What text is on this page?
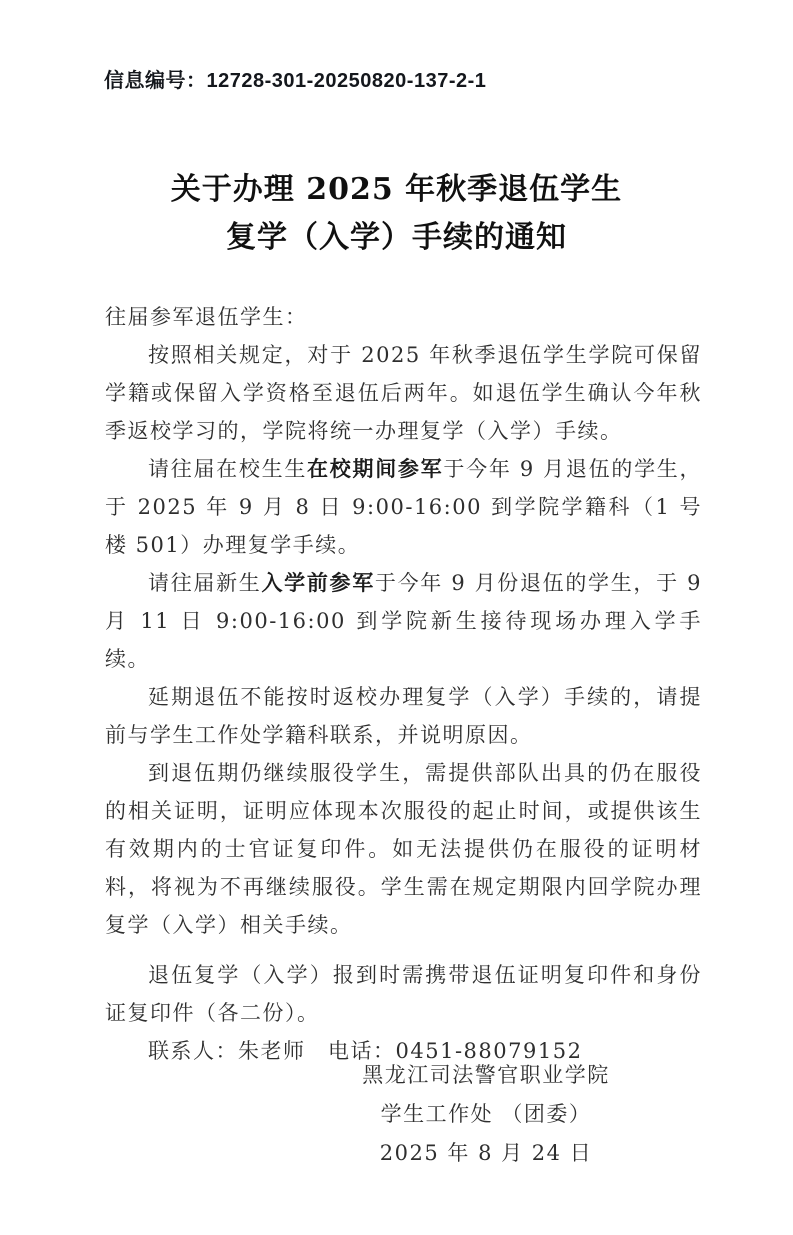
信息编号：12728-301-20250820-137-2-1
关于办理 2025 年秋季退伍学生
复学（入学）手续的通知

往届参军退伍学生：

按照相关规定，对于 2025 年秋季退伍学生学院可保留学籍或保留入学资格至退伍后两年。如退伍学生确认今年秋季返校学习的，学院将统一办理复学（入学）手续。

请往届在校生生在校期间参军于今年 9 月退伍的学生，于 2025 年 9 月 8 日 9:00-16:00 到学院学籍科（1 号楼 501）办理复学手续。

请往届新生入学前参军于今年 9 月份退伍的学生，于 9 月 11 日 9:00-16:00 到学院新生接待现场办理入学手续。

延期退伍不能按时返校办理复学（入学）手续的，请提前与学生工作处学籍科联系，并说明原因。

到退伍期仍继续服役学生，需提供部队出具的仍在服役的相关证明，证明应体现本次服役的起止时间，或提供该生有效期内的士官证复印件。如无法提供仍在服役的证明材料，将视为不再继续服役。学生需在规定期限内回学院办理复学（入学）相关手续。

退伍复学（入学）报到时需携带退伍证明复印件和身份证复印件（各二份）。

联系人：朱老师　电话：0451-88079152

黑龙江司法警官职业学院
学生工作处 （团委）
2025 年 8 月 24 日
